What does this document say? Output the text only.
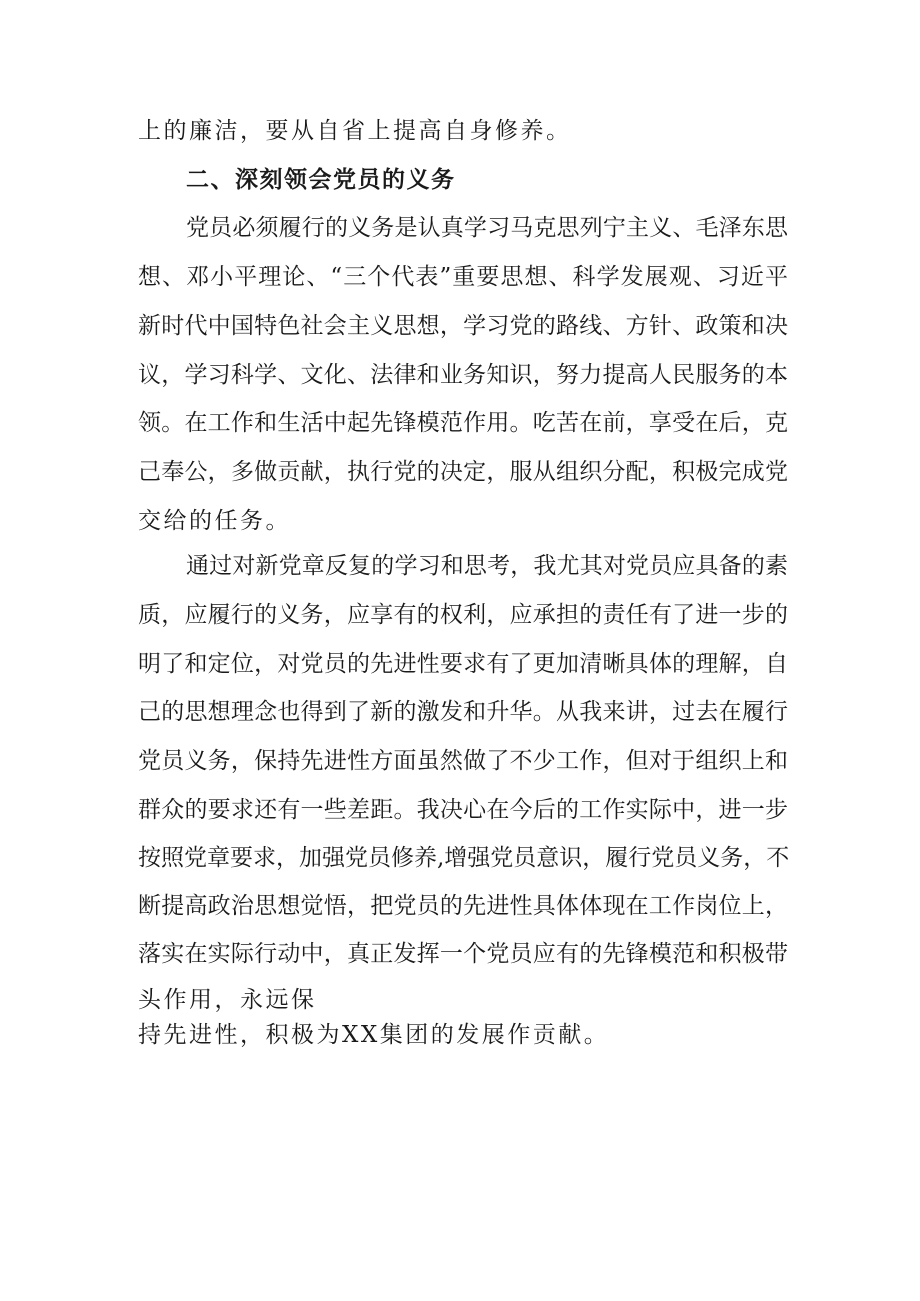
上的廉洁，要从自省上提高自身修养。
二、深刻领会党员的义务
党员必须履行的义务是认真学习马克思列宁主义、毛泽东思
想、邓小平理论、“三个代表”重要思想、科学发展观、习近平
新时代中国特色社会主义思想，学习党的路线、方针、政策和决
议，学习科学、文化、法律和业务知识，努力提高人民服务的本
领。在工作和生活中起先锋模范作用。吃苦在前，享受在后，克
己奉公，多做贡献，执行党的决定，服从组织分配，积极完成党
交给的任务。
通过对新党章反复的学习和思考，我尤其对党员应具备的素
质，应履行的义务，应享有的权利，应承担的责任有了进一步的
明了和定位，对党员的先进性要求有了更加清晰具体的理解，自
己的思想理念也得到了新的激发和升华。从我来讲，过去在履行
党员义务，保持先进性方面虽然做了不少工作，但对于组织上和
群众的要求还有一些差距。我决心在今后的工作实际中，进一步
按照党章要求，加强党员修养,增强党员意识，履行党员义务，不
断提高政治思想觉悟，把党员的先进性具体体现在工作岗位上，
落实在实际行动中，真正发挥一个党员应有的先锋模范和积极带
头作用，永远保
持先进性，积极为XX集团的发展作贡献。
